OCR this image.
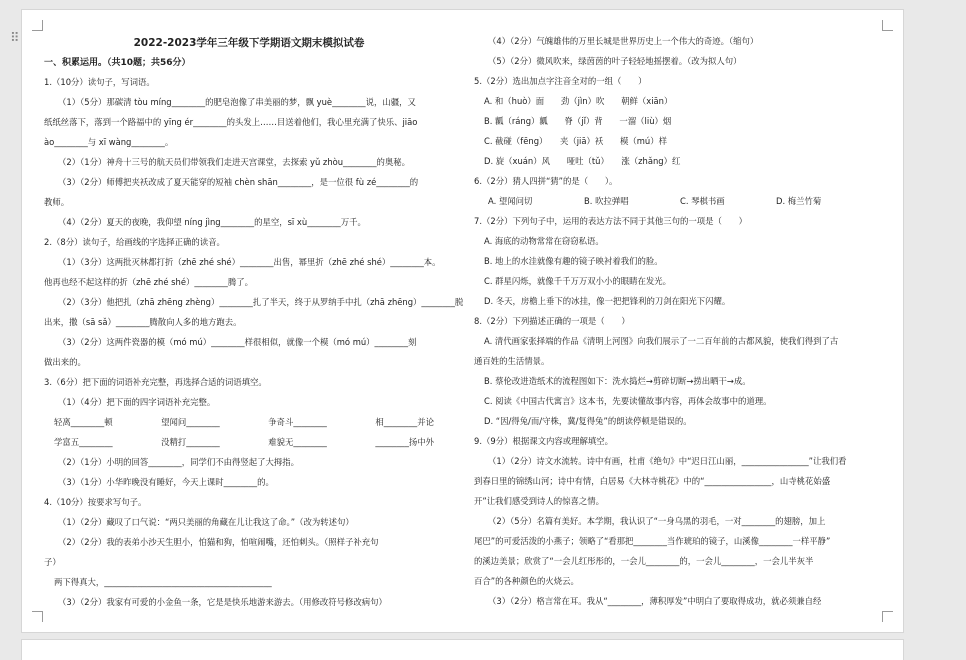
2022-2023学年三年级下学期语文期末模拟试卷
一、积累运用。（共10题；共56分）
1.（10分）读句子，写词语。
（1）（5分）那碳清 tòu míng________的肥皂泡像了串美丽的梦，飘 yuè________说，山疆，又
纸纸丝落下，落到一个路福中的 yīng ér________的头发上……目送着他们，我心里充满了快乐、jiāo
ào________与 xī wàng________。
（2）（1分）神舟十三号的航天员们带领我们走进天宫课堂，去探索 yǔ zhòu________的奥秘。
（3）（2分）师傅把夹袄改成了夏天能穿的短袖 chèn shān________，是一位很 fù zé________的
教师。
（4）（2分）夏天的夜晚，我仰望 níng jìng________的星空，sī xù________万千。
2.（8分）读句子，给画线的字选择正确的读音。
（1）（3分）这两批灭林都打折（zhē zhé shé）________出售，幂里折（zhē zhé shé）________本。
他再也经不起这样的折（zhē zhé shé）________腾了。
（2）（3分）他把扎（zhā zhēng zhèng）________扎了半天，终于从罗纳手中扎（zhā zhēng）________脱
出来，撒（sā sǎ）________腾散向人多的地方跑去。
（3）（2分）这两件瓷器的模（mó mú）________样很相似，就像一个模（mó mú）________刻
做出来的。
3.（6分）把下面的词语补充完整，再选择合适的词语填空。
（1）（4分）把下面的四字词语补充完整。
轻离________顿	望闻问________	争奇斗________	相________并论
学富五________	没精打________	难貌无________	________扬中外
（2）（1分）小明的回答________，同学们不由得竖起了大拇指。
（3）（1分）小华昨晚没有睡好，今天上课时________的。
4.（10分）按要求写句子。
（1）（2分）藏叹了口气说：“两只美丽的角藏在儿让我这了命。”（改为转述句）
（2）（2分）我的表弟小沙天生胆小，怕猫和狗，怕喧闹嘴，还怕刺头。（照样子补充句
子）
两下得真大，________________________________________
（3）（2分）我家有可爱的小金鱼一条，它是是快乐地游来游去。（用修改符号修改病句）
（4）（2分）气魄雄伟的万里长城是世界历史上一个伟大的奇迹。（缩句）
（5）（2分）微风吹来，绿茵茵的叶子轻轻地摇摆着。（改为拟人句）
5.（2分）选出加点字注音全对的一组（　　）
A. 和（huò）面　　劲（jìn）吹　　朝鲜（xiān）
B. 瓤（ráng）瓤　　脊（jǐ）背　　一溜（liù）烟
C. 截碰（fēng）　　夹（jiā）袄　　模（mú）样
D. 旋（xuán）风　　哑吐（tǔ）　　涨（zhǎng）红
6.（2分）猜人四拼“猜”的是（　　）。
A. 望闻问切	B. 吹拉弹唱	C. 琴棋书画	D. 梅兰竹菊
7.（2分）下列句子中，运用的表达方法不同于其他三句的一项是（　　）
A. 海底的动物常常在窃窃私语。
B. 地上的水洼就像有趣的镜子映衬着我们的脸。
C. 群星闪烁，就像千千万万双小小的眼睛在发光。
D. 冬天，房檐上垂下的冰挂，像一把把锋利的刀剑在阳光下闪耀。
8.（2分）下列描述正确的一项是（　　）
A. 清代画家张择端的作品《清明上河图》向我们展示了一二百年前的古都风貌，使我们得到了古
通百姓的生活情景。
B. 蔡伦改进造纸术的流程图如下：洗水捣烂→剪碎切断→捞出晒干→成。
C. 阅读《中国古代寓言》这本书，先要读懂故事内容，再体会故事中的道理。
D. “因/得兔/而/守株，冀/复得兔”的朗读停顿是错误的。
9.（9分）根据课文内容或理解填空。
（1）（2分）诗文水流转。诗中有画，杜甫《绝句》中“迟日江山丽，________________”让我们看
到春日里的锦绣山河；诗中有情，白居易《大林寺桃花》中的“________________，山寺桃花始盛
开”让我们感受到诗人的惊喜之情。
（2）（5分）名篇有美好。本学期，我认识了“一身乌黑的羽毛，一对________的翅膀，加上
尾巴”的可爱活泼的小燕子；领略了“看那把________当作琥珀的镜子，山溪像________一样平静”
的溪边美景；欣赏了“一会儿红彤彤的，一会儿________的，一会儿________，一会儿半灰半
百合”的各种颜色的火烧云。
（3）（2分）格言常在耳。我从“________，薄积厚发”中明白了要取得成功，就必须兼自经
⠿
